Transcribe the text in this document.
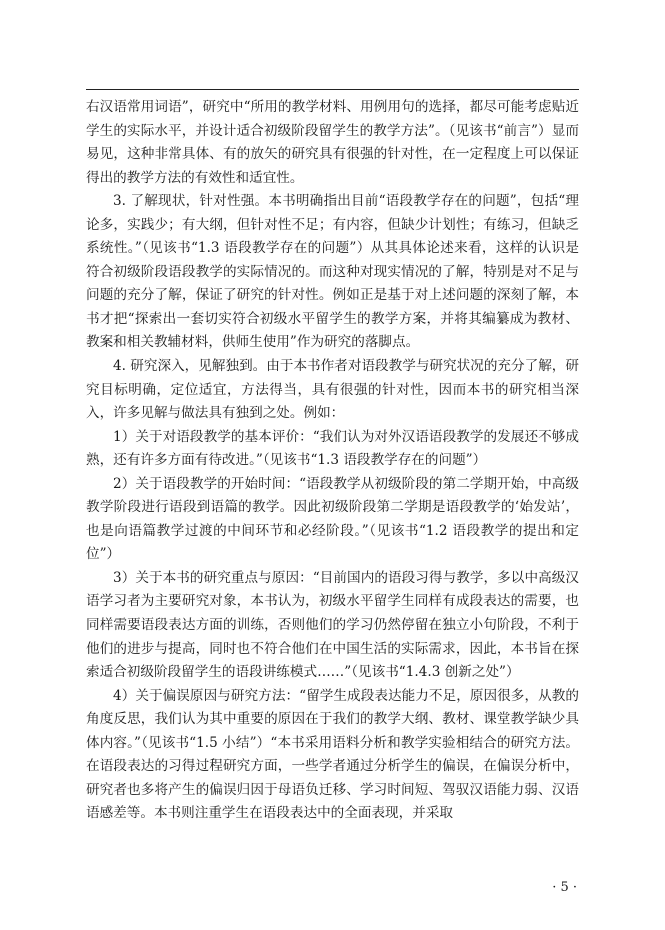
右汉语常用词语”，研究中“所用的教学材料、用例用句的选择，都尽可能考虑贴近学生的实际水平，并设计适合初级阶段留学生的教学方法”。（见该书“前言”）显而易见，这种非常具体、有的放矢的研究具有很强的针对性，在一定程度上可以保证得出的教学方法的有效性和适宜性。

3. 了解现状，针对性强。本书明确指出目前“语段教学存在的问题”，包括“理论多，实践少；有大纲，但针对性不足；有内容，但缺少计划性；有练习，但缺乏系统性。”（见该书“1.3 语段教学存在的问题”）从其具体论述来看，这样的认识是符合初级阶段语段教学的实际情况的。而这种对现实情况的了解，特别是对不足与问题的充分了解，保证了研究的针对性。例如正是基于对上述问题的深刻了解，本书才把“探索出一套切实符合初级水平留学生的教学方案，并将其编纂成为教材、教案和相关教辅材料，供师生使用”作为研究的落脚点。

4. 研究深入，见解独到。由于本书作者对语段教学与研究状况的充分了解，研究目标明确，定位适宜，方法得当，具有很强的针对性，因而本书的研究相当深入，许多见解与做法具有独到之处。例如：

1）关于对语段教学的基本评价：“我们认为对外汉语语段教学的发展还不够成熟，还有许多方面有待改进。”（见该书“1.3 语段教学存在的问题”）

2）关于语段教学的开始时间：“语段教学从初级阶段的第二学期开始，中高级教学阶段进行语段到语篇的教学。因此初级阶段第二学期是语段教学的‘始发站’，也是向语篇教学过渡的中间环节和必经阶段。”（见该书“1.2 语段教学的提出和定位”）

3）关于本书的研究重点与原因：“目前国内的语段习得与教学，多以中高级汉语学习者为主要研究对象，本书认为，初级水平留学生同样有成段表达的需要，也同样需要语段表达方面的训练，否则他们的学习仍然停留在独立小句阶段，不利于他们的进步与提高，同时也不符合他们在中国生活的实际需求，因此，本书旨在探索适合初级阶段留学生的语段讲练模式……”（见该书“1.4.3 创新之处”）

4）关于偏误原因与研究方法：“留学生成段表达能力不足，原因很多，从教的角度反思，我们认为其中重要的原因在于我们的教学大纲、教材、课堂教学缺少具体内容。”（见该书“1.5 小结”）“本书采用语料分析和教学实验相结合的研究方法。在语段表达的习得过程研究方面，一些学者通过分析学生的偏误，在偏误分析中，研究者也多将产生的偏误归因于母语负迁移、学习时间短、驾驭汉语能力弱、汉语语感差等。本书则注重学生在语段表达中的全面表现，并采取

· 5 ·
